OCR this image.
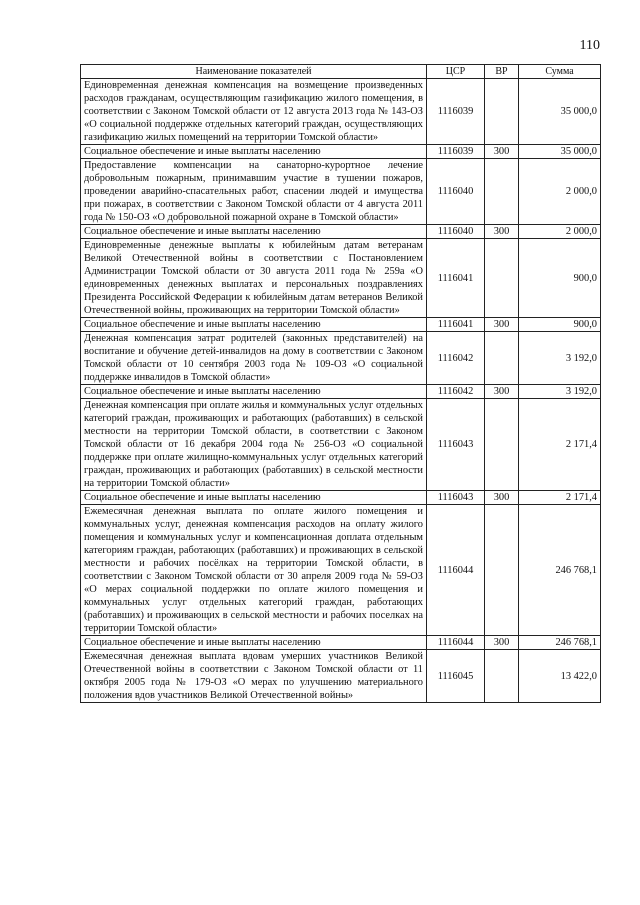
110
Наименование показателей	ЦСР	ВР	Сумма
Единовременная денежная компенсация на возмещение произведенных расходов гражданам, осуществляющим газификацию жилого помещения, в соответствии с Законом Томской области от 12 августа 2013 года № 143-ОЗ «О социальной поддержке отдельных категорий граждан, осуществляющих газификацию жилых помещений на территории Томской области»	1116039		35 000,0
Социальное обеспечение и иные выплаты населению	1116039	300	35 000,0
Предоставление компенсации на санаторно-курортное лечение добровольным пожарным, принимавшим участие в тушении пожаров, проведении аварийно-спасательных работ, спасении людей и имущества при пожарах, в соответствии с Законом Томской области от 4 августа 2011 года № 150-ОЗ «О добровольной пожарной охране в Томской области»	1116040		2 000,0
Социальное обеспечение и иные выплаты населению	1116040	300	2 000,0
Единовременные денежные выплаты к юбилейным датам ветеранам Великой Отечественной войны в соответствии с Постановлением Администрации Томской области от 30 августа 2011 года № 259а «О единовременных денежных выплатах и персональных поздравлениях Президента Российской Федерации к юбилейным датам ветеранов Великой Отечественной войны, проживающих на территории Томской области»	1116041		900,0
Социальное обеспечение и иные выплаты населению	1116041	300	900,0
Денежная компенсация затрат родителей (законных представителей) на воспитание и обучение детей-инвалидов на дому в соответствии с Законом Томской области от 10 сентября 2003 года № 109-ОЗ «О социальной поддержке инвалидов в Томской области»	1116042		3 192,0
Социальное обеспечение и иные выплаты населению	1116042	300	3 192,0
Денежная компенсация при оплате жилья и коммунальных услуг отдельных категорий граждан, проживающих и работающих (работавших) в сельской местности на территории Томской области, в соответствии с Законом Томской области от 16 декабря 2004 года № 256-ОЗ «О социальной поддержке при оплате жилищно-коммунальных услуг отдельных категорий граждан, проживающих и работающих (работавших) в сельской местности на территории Томской области»	1116043		2 171,4
Социальное обеспечение и иные выплаты населению	1116043	300	2 171,4
Ежемесячная денежная выплата по оплате жилого помещения и коммунальных услуг, денежная компенсация расходов на оплату жилого помещения и коммунальных услуг и компенсационная доплата отдельным категориям граждан, работающих (работавших) и проживающих в сельской местности и рабочих посёлках на территории Томской области, в соответствии с Законом Томской области от 30 апреля 2009 года № 59-ОЗ «О мерах социальной поддержки по оплате жилого помещения и коммунальных услуг отдельных категорий граждан, работающих (работавших) и проживающих в сельской местности и рабочих поселках на территории Томской области»	1116044		246 768,1
Социальное обеспечение и иные выплаты населению	1116044	300	246 768,1
Ежемесячная денежная выплата вдовам умерших участников Великой Отечественной войны в соответствии с Законом Томской области от 11 октября 2005 года № 179-ОЗ «О мерах по улучшению материального положения вдов участников Великой Отечественной войны»	1116045		13 422,0
